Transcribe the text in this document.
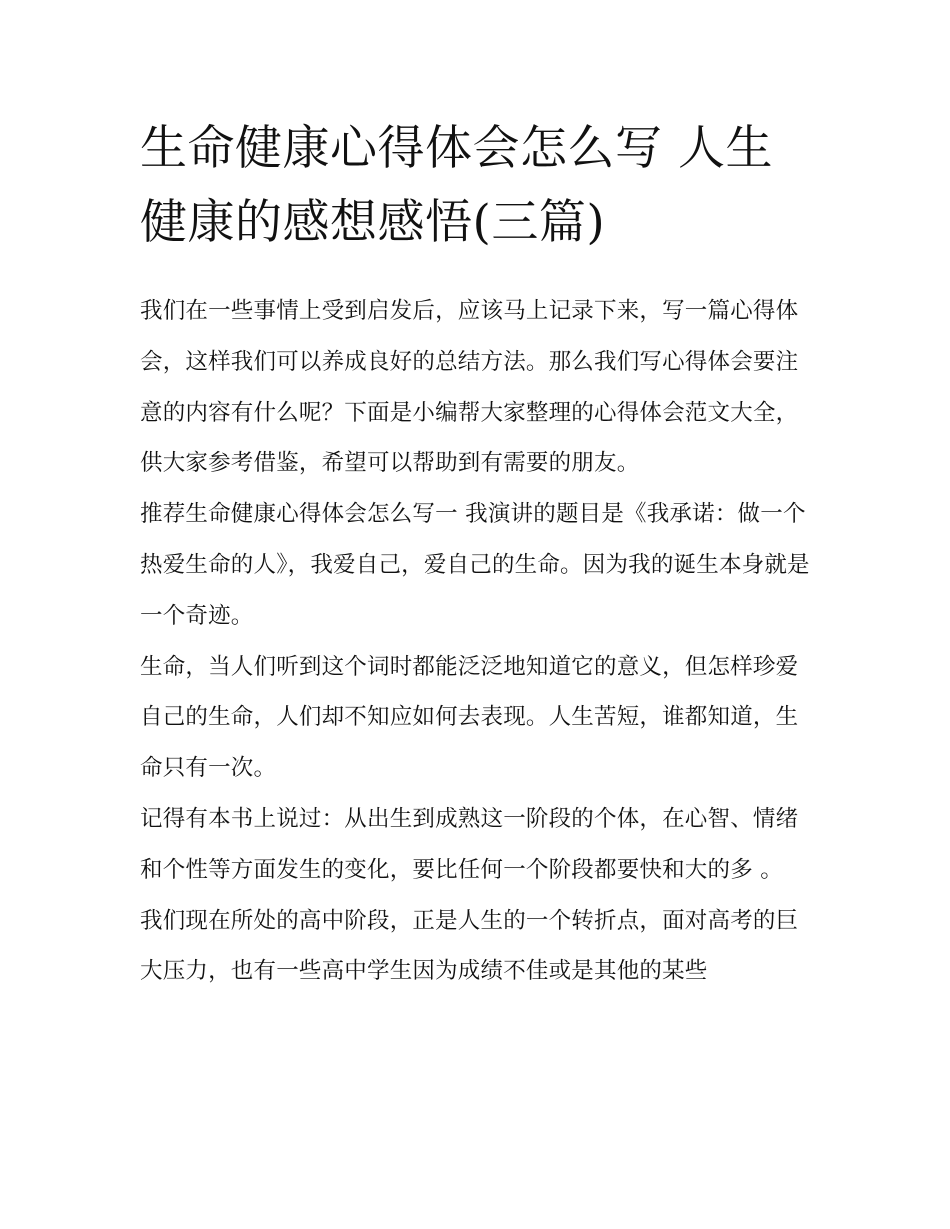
生命健康心得体会怎么写 人生健康的感想感悟(三篇)

我们在一些事情上受到启发后，应该马上记录下来，写一篇心得体会，这样我们可以养成良好的总结方法。那么我们写心得体会要注意的内容有什么呢？下面是小编帮大家整理的心得体会范文大全，供大家参考借鉴，希望可以帮助到有需要的朋友。

推荐生命健康心得体会怎么写一 我演讲的题目是《我承诺：做一个热爱生命的人》，我爱自己，爱自己的生命。因为我的诞生本身就是一个奇迹。

生命，当人们听到这个词时都能泛泛地知道它的意义，但怎样珍爱自己的生命，人们却不知应如何去表现。人生苦短，谁都知道，生命只有一次。

记得有本书上说过：从出生到成熟这一阶段的个体，在心智、情绪和个性等方面发生的变化，要比任何一个阶段都要快和大的多 。

我们现在所处的高中阶段，正是人生的一个转折点，面对高考的巨大压力，也有一些高中学生因为成绩不佳或是其他的某些
